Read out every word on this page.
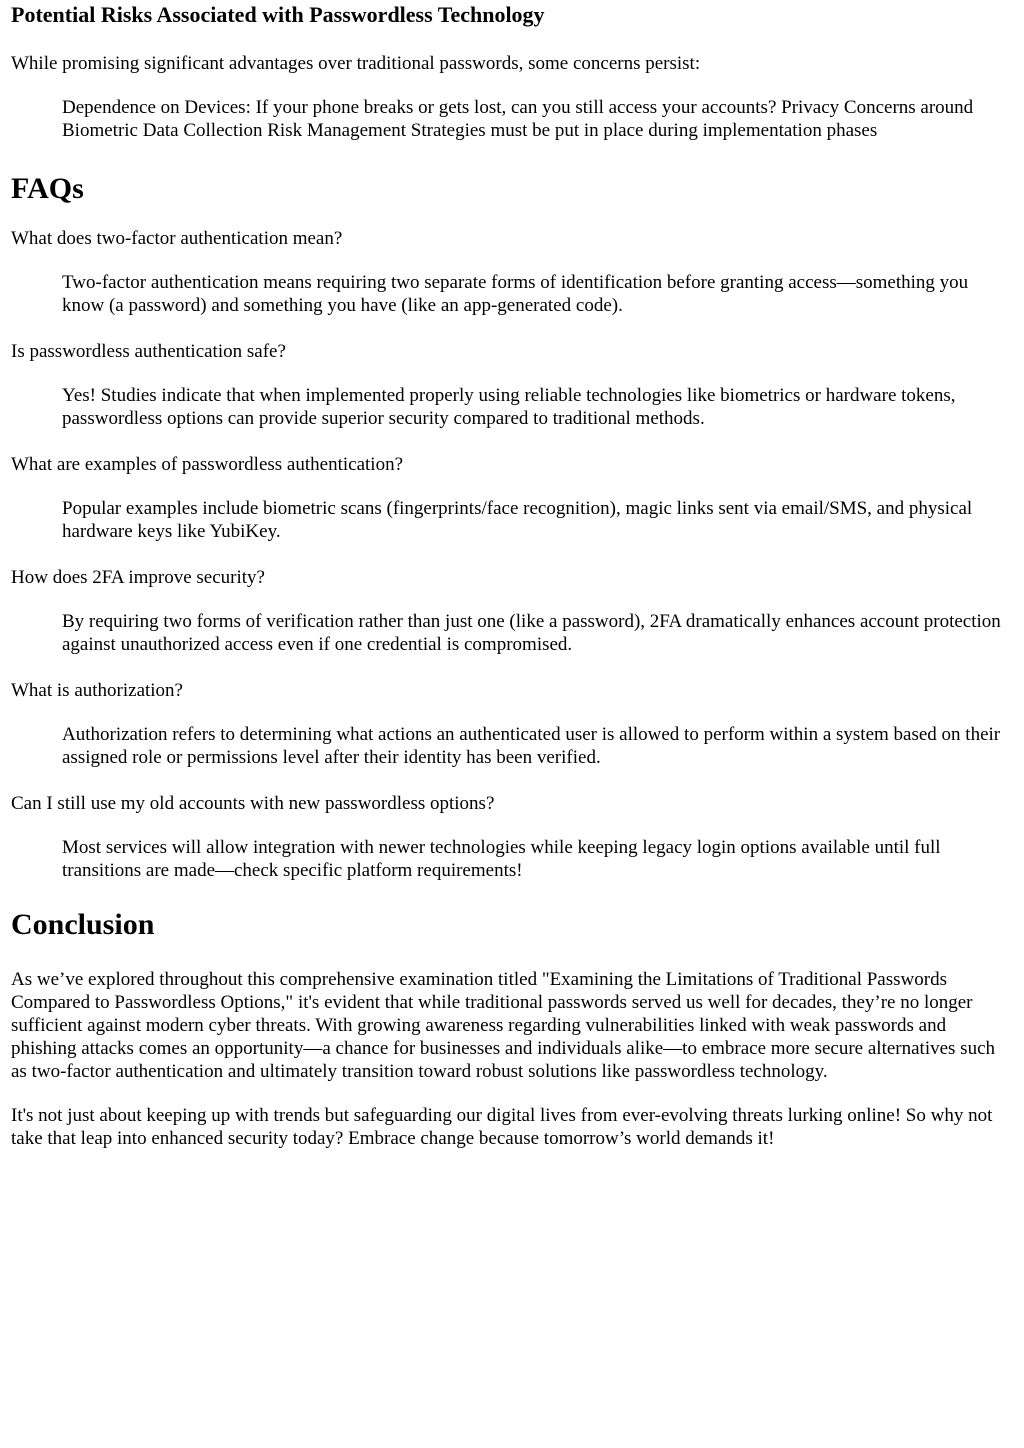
Potential Risks Associated with Passwordless Technology

While promising significant advantages over traditional passwords, some concerns persist:

Dependence on Devices: If your phone breaks or gets lost, can you still access your accounts? Privacy Concerns around Biometric Data Collection Risk Management Strategies must be put in place during implementation phases
FAQs

What does two-factor authentication mean?

Two-factor authentication means requiring two separate forms of identification before granting access—something you know (a password) and something you have (like an app-generated code).

Is passwordless authentication safe?

Yes! Studies indicate that when implemented properly using reliable technologies like biometrics or hardware tokens, passwordless options can provide superior security compared to traditional methods.

What are examples of passwordless authentication?

Popular examples include biometric scans (fingerprints/face recognition), magic links sent via email/SMS, and physical hardware keys like YubiKey.

How does 2FA improve security?

By requiring two forms of verification rather than just one (like a password), 2FA dramatically enhances account protection against unauthorized access even if one credential is compromised.

What is authorization?

Authorization refers to determining what actions an authenticated user is allowed to perform within a system based on their assigned role or permissions level after their identity has been verified.

Can I still use my old accounts with new passwordless options?

Most services will allow integration with newer technologies while keeping legacy login options available until full transitions are made—check specific platform requirements!
Conclusion

As we’ve explored throughout this comprehensive examination titled "Examining the Limitations of Traditional Passwords Compared to Passwordless Options," it's evident that while traditional passwords served us well for decades, they’re no longer sufficient against modern cyber threats. With growing awareness regarding vulnerabilities linked with weak passwords and phishing attacks comes an opportunity—a chance for businesses and individuals alike—to embrace more secure alternatives such as two-factor authentication and ultimately transition toward robust solutions like passwordless technology.

It's not just about keeping up with trends but safeguarding our digital lives from ever-evolving threats lurking online! So why not take that leap into enhanced security today? Embrace change because tomorrow’s world demands it!
